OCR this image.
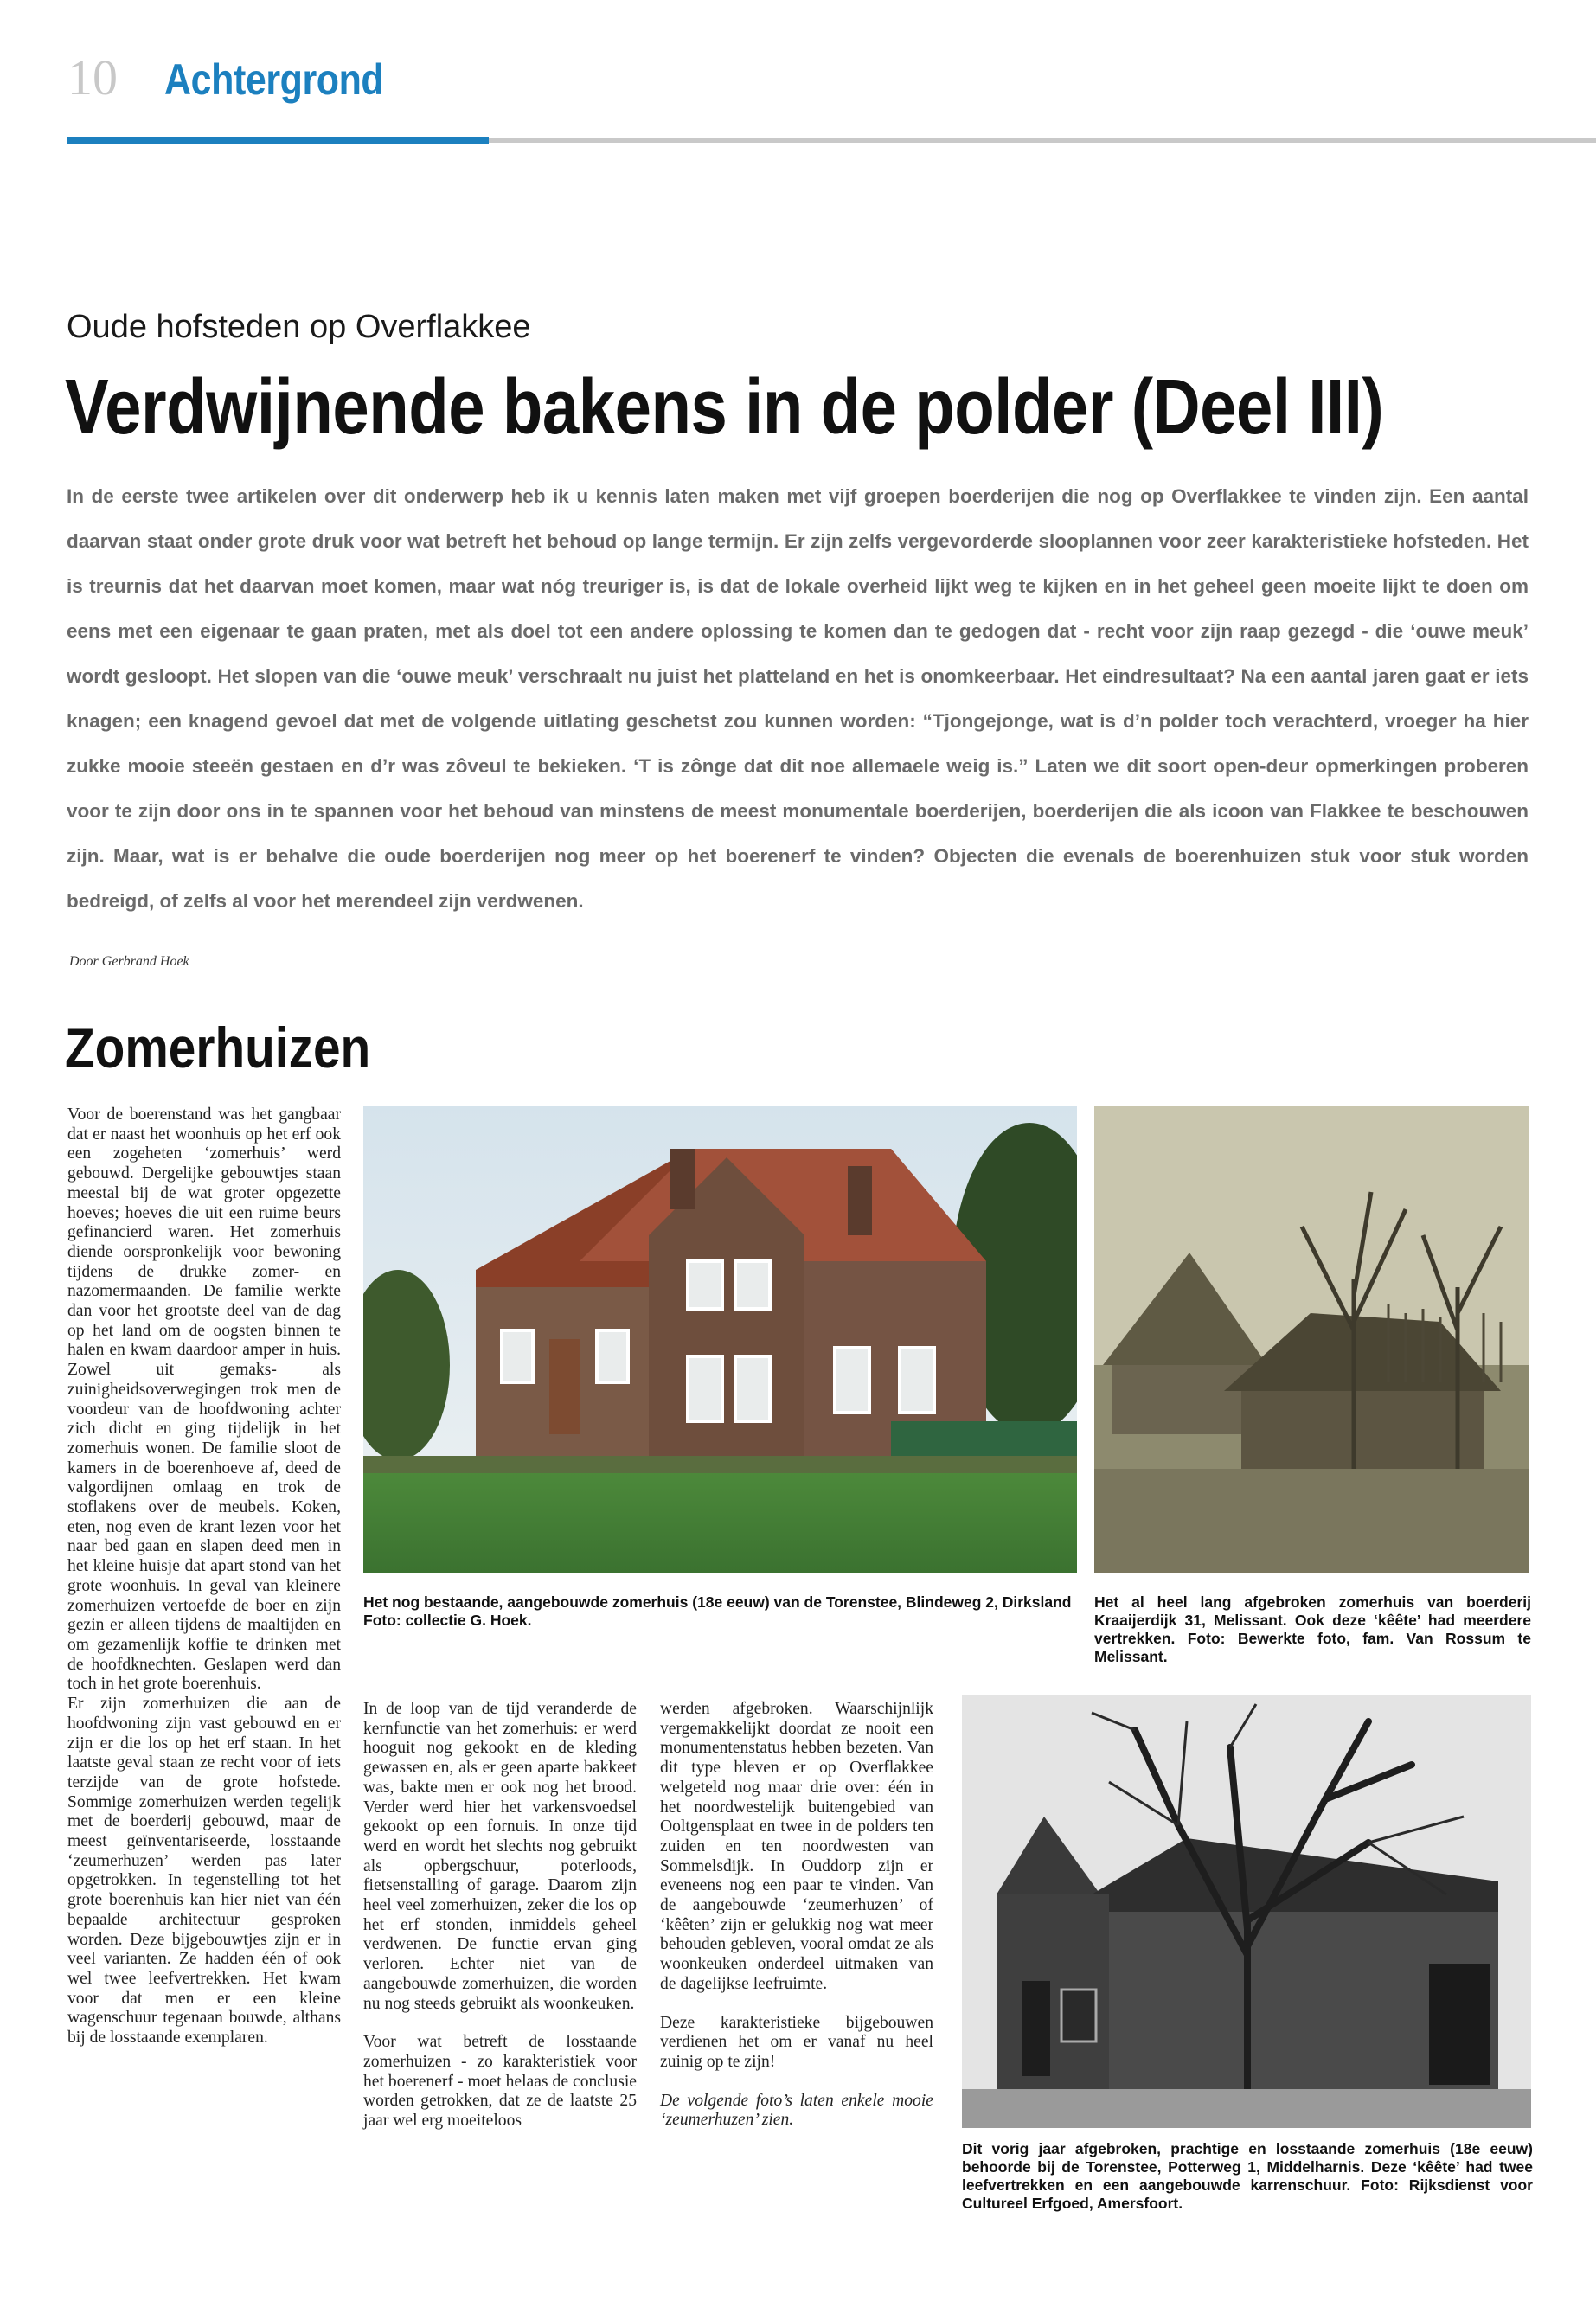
10 Achtergrond
Oude hofsteden op Overflakkee
Verdwijnende bakens in de polder (Deel III)
In de eerste twee artikelen over dit onderwerp heb ik u kennis laten maken met vijf groepen boerderijen die nog op Overflakkee te vinden zijn. Een aantal daarvan staat onder grote druk voor wat betreft het behoud op lange termijn. Er zijn zelfs vergevorderde slooplannen voor zeer karakteristieke hofsteden. Het is treurnis dat het daarvan moet komen, maar wat nóg treuriger is, is dat de lokale overheid lijkt weg te kijken en in het geheel geen moeite lijkt te doen om eens met een eigenaar te gaan praten, met als doel tot een andere oplossing te komen dan te gedogen dat - recht voor zijn raap gezegd - die ‘ouwe meuk’ wordt gesloopt. Het slopen van die ‘ouwe meuk’ verschraalt nu juist het platteland en het is onomkeerbaar. Het eindresultaat? Na een aantal jaren gaat er iets knagen; een knagend gevoel dat met de volgende uitlating geschetst zou kunnen worden: “Tjongejonge, wat is d’n polder toch verachterd, vroeger ha hier zukke mooie steeën gestaen en d’r was zôveul te bekieken. ‘T is zônge dat dit noe allemaele weig is.” Laten we dit soort open-deur opmerkingen proberen voor te zijn door ons in te spannen voor het behoud van minstens de meest monumentale boerderijen, boerderijen die als icoon van Flakkee te beschouwen zijn. Maar, wat is er behalve die oude boerderijen nog meer op het boerenerf te vinden? Objecten die evenals de boerenhuizen stuk voor stuk worden bedreigd, of zelfs al voor het merendeel zijn verdwenen.
Door Gerbrand Hoek
Zomerhuizen

Voor de boerenstand was het gangbaar dat er naast het woonhuis op het erf ook een zogeheten ‘zomerhuis’ werd gebouwd. Dergelijke gebouwtjes staan meestal bij de wat groter opgezette hoeves; hoeves die uit een ruime beurs gefinancierd waren. Het zomerhuis diende oorspronkelijk voor bewoning tijdens de drukke zomer- en nazomermaanden. De familie werkte dan voor het grootste deel van de dag op het land om de oogsten binnen te halen en kwam daardoor amper in huis. Zowel uit gemaks- als zuinigheidsoverwegingen trok men de voordeur van de hoofdwoning achter zich dicht en ging tijdelijk in het zomerhuis wonen. De familie sloot de kamers in de boerenhoeve af, deed de valgordijnen omlaag en trok de stoflakens over de meubels. Koken, eten, nog even de krant lezen voor het naar bed gaan en slapen deed men in het kleine huisje dat apart stond van het grote woonhuis. In geval van kleinere zomerhuizen vertoefde de boer en zijn gezin er alleen tijdens de maaltijden en om gezamenlijk koffie te drinken met de hoofdknechten. Geslapen werd dan toch in het grote boerenhuis.

Er zijn zomerhuizen die aan de hoofdwoning zijn vast gebouwd en er zijn er die los op het erf staan. In het laatste geval staan ze recht voor of iets terzijde van de grote hofstede. Sommige zomerhuizen werden tegelijk met de boerderij gebouwd, maar de meest geïnventariseerde, losstaande ‘zeumerhuzen’ werden pas later opgetrokken. In tegenstelling tot het grote boerenhuis kan hier niet van één bepaalde architectuur gesproken worden. Deze bijgebouwtjes zijn er in veel varianten. Ze hadden één of ook wel twee leefvertrekken. Het kwam voor dat men er een kleine wagenschuur tegenaan bouwde, althans bij de losstaande exemplaren.

Het nog bestaande, aangebouwde zomerhuis (18e eeuw) van de Torenstee, Blindeweg 2, Dirksland Foto: collectie G. Hoek.
Het al heel lang afgebroken zomerhuis van boerderij Kraaijerdijk 31, Melissant. Ook deze ‘kêête’ had meerdere vertrekken. Foto: Bewerkte foto, fam. Van Rossum te Melissant.
Dit vorig jaar afgebroken, prachtige en losstaande zomerhuis (18e eeuw) behoorde bij de Torenstee, Potterweg 1, Middelharnis. Deze ‘kêête’ had twee leefvertrekken en een aangebouwde karrenschuur. Foto: Rijksdienst voor Cultureel Erfgoed, Amersfoort.

In de loop van de tijd veranderde de kernfunctie van het zomerhuis: er werd hooguit nog gekookt en de kleding gewassen en, als er geen aparte bakkeet was, bakte men er ook nog het brood. Verder werd hier het varkensvoedsel gekookt op een fornuis. In onze tijd werd en wordt het slechts nog gebruikt als opbergschuur, poterloods, fietsenstalling of garage. Daarom zijn heel veel zomerhuizen, zeker die los op het erf stonden, inmiddels geheel verdwenen. De functie ervan ging verloren. Echter niet van de aangebouwde zomerhuizen, die worden nu nog steeds gebruikt als woonkeuken.

Voor wat betreft de losstaande zomerhuizen - zo karakteristiek voor het boerenerf - moet helaas de conclusie worden getrokken, dat ze de laatste 25 jaar wel erg moeiteloos

werden afgebroken. Waarschijnlijk vergemakkelijkt doordat ze nooit een monumentenstatus hebben bezeten. Van dit type bleven er op Overflakkee welgeteld nog maar drie over: één in het noordwestelijk buitengebied van Ooltgensplaat en twee in de polders ten zuiden en ten noordwesten van Sommelsdijk. In Ouddorp zijn er eveneens nog een paar te vinden. Van de aangebouwde ‘zeumerhuzen’ of ‘kêêten’ zijn er gelukkig nog wat meer behouden gebleven, vooral omdat ze als woonkeuken onderdeel uitmaken van de dagelijkse leefruimte.

Deze karakteristieke bijgebouwen verdienen het om er vanaf nu heel zuinig op te zijn!

De volgende foto’s laten enkele mooie ‘zeumerhuzen’ zien.
